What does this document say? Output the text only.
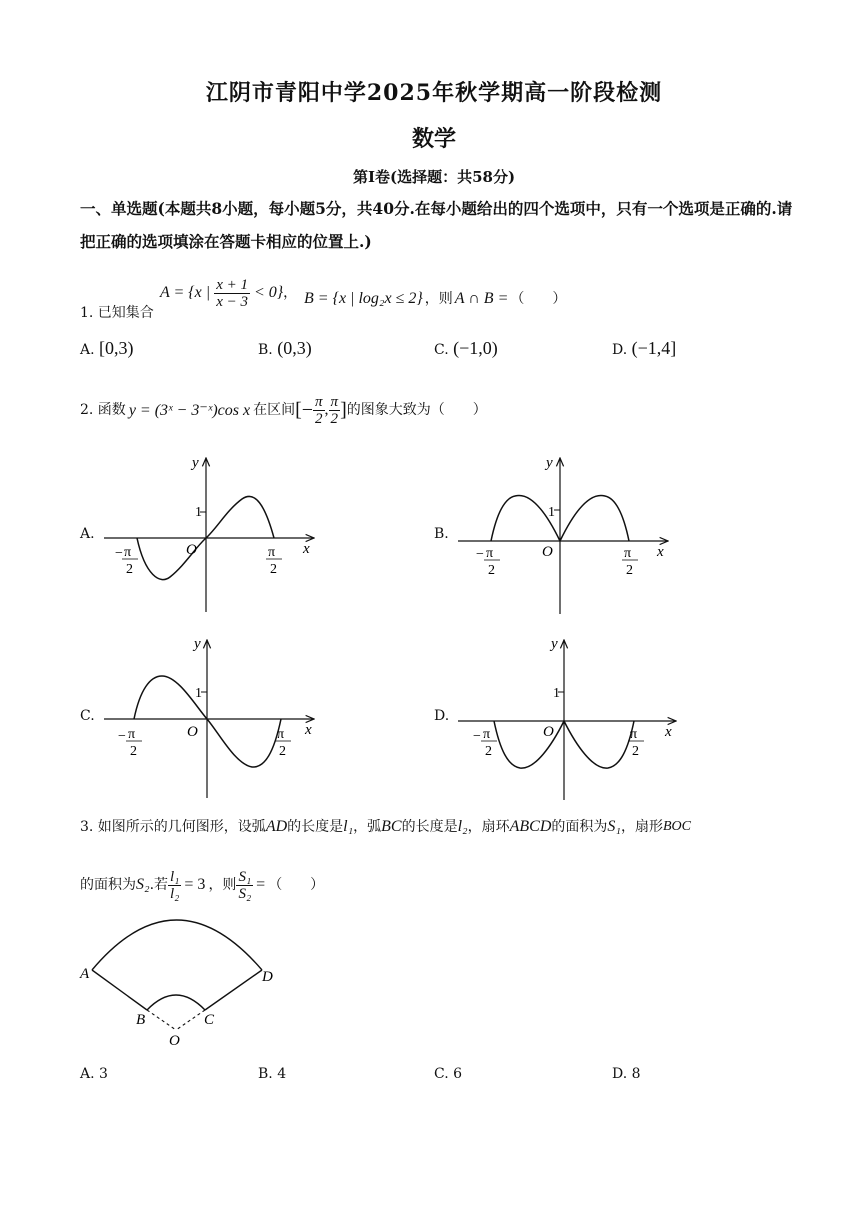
江阴市青阳中学2025年秋学期高一阶段检测
数学
第I卷(选择题：共58分)
一、单选题(本题共8小题，每小题5分，共40分.在每小题给出的四个选项中，只有一个选项是正确的.请把正确的选项填涂在答题卡相应的位置上.)
1. 已知集合
A = {x | $\frac{x + 1}{x - 3} < 0$} ， B = {x | log₂x ≤ 2} ，则 A ∩ B = （　　）
A. [0,3)	B. (0,3)	C. (−1,0)	D. (−1,4]
2. 函数 y = (3ˣ − 3⁻ˣ)cos x 在区间 [− $\frac{\pi}{2}$ , $\frac{\pi}{2}$ ] 的图象大致为（　　）
A.	B.
C.	D.
x
y
O
1
− π
2
π
2
x
y
O
1
− π
2
π
2
x
y
O
1
− π
2
π
2
x
y
O
1
− π
2
π
2
A	D
B	C
O
3. 如图所示的几何图形，设弧 AD 的长度是 l₁ ，弧 BC 的长度是 l₂ ，扇环 ABCD 的面积为 S₁ ，扇形 BOC
的面积为 S₂ .若 $\frac{\text{l₁}}{\text{l₂}} = 3$ ，则 $\frac{\text{S₁}}{\text{S₂}}$ = （　　）
A. 3	B. 4	C. 6	D. 8
